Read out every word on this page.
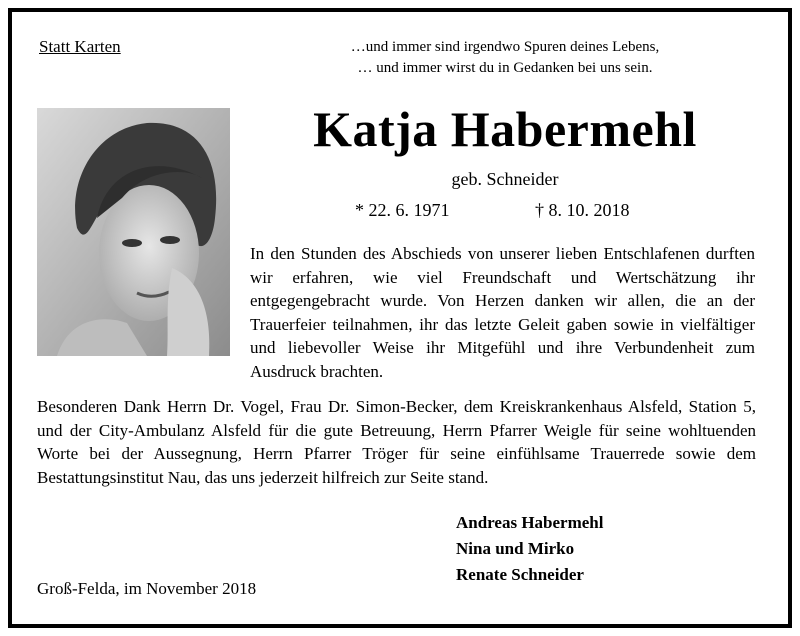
Statt Karten	…und immer sind irgendwo Spuren deines Lebens,
… und immer wirst du in Gedanken bei uns sein.
Katja Habermehl
geb. Schneider
* 22. 6. 1971	† 8. 10. 2018
In den Stunden des Abschieds von unserer lieben Entschlafenen durften wir erfahren, wie viel Freundschaft und Wertschätzung ihr entgegengebracht wurde. Von Herzen danken wir allen, die an der Trauerfeier teilnahmen, ihr das letzte Geleit gaben sowie in vielfältiger und liebevoller Weise ihr Mitgefühl und ihre Verbundenheit zum Ausdruck brachten.
Besonderen Dank Herrn Dr. Vogel, Frau Dr. Simon-Becker, dem Kreiskrankenhaus Alsfeld, Station 5, und der City-Ambulanz Alsfeld für die gute Betreuung, Herrn Pfarrer Weigle für seine wohltuenden Worte bei der Aussegnung, Herrn Pfarrer Tröger für seine einfühlsame Trauerrede sowie dem Bestattungsinstitut Nau, das uns jederzeit hilfreich zur Seite stand.
Andreas Habermehl
Nina und Mirko
Renate Schneider
Groß-Felda, im November 2018
